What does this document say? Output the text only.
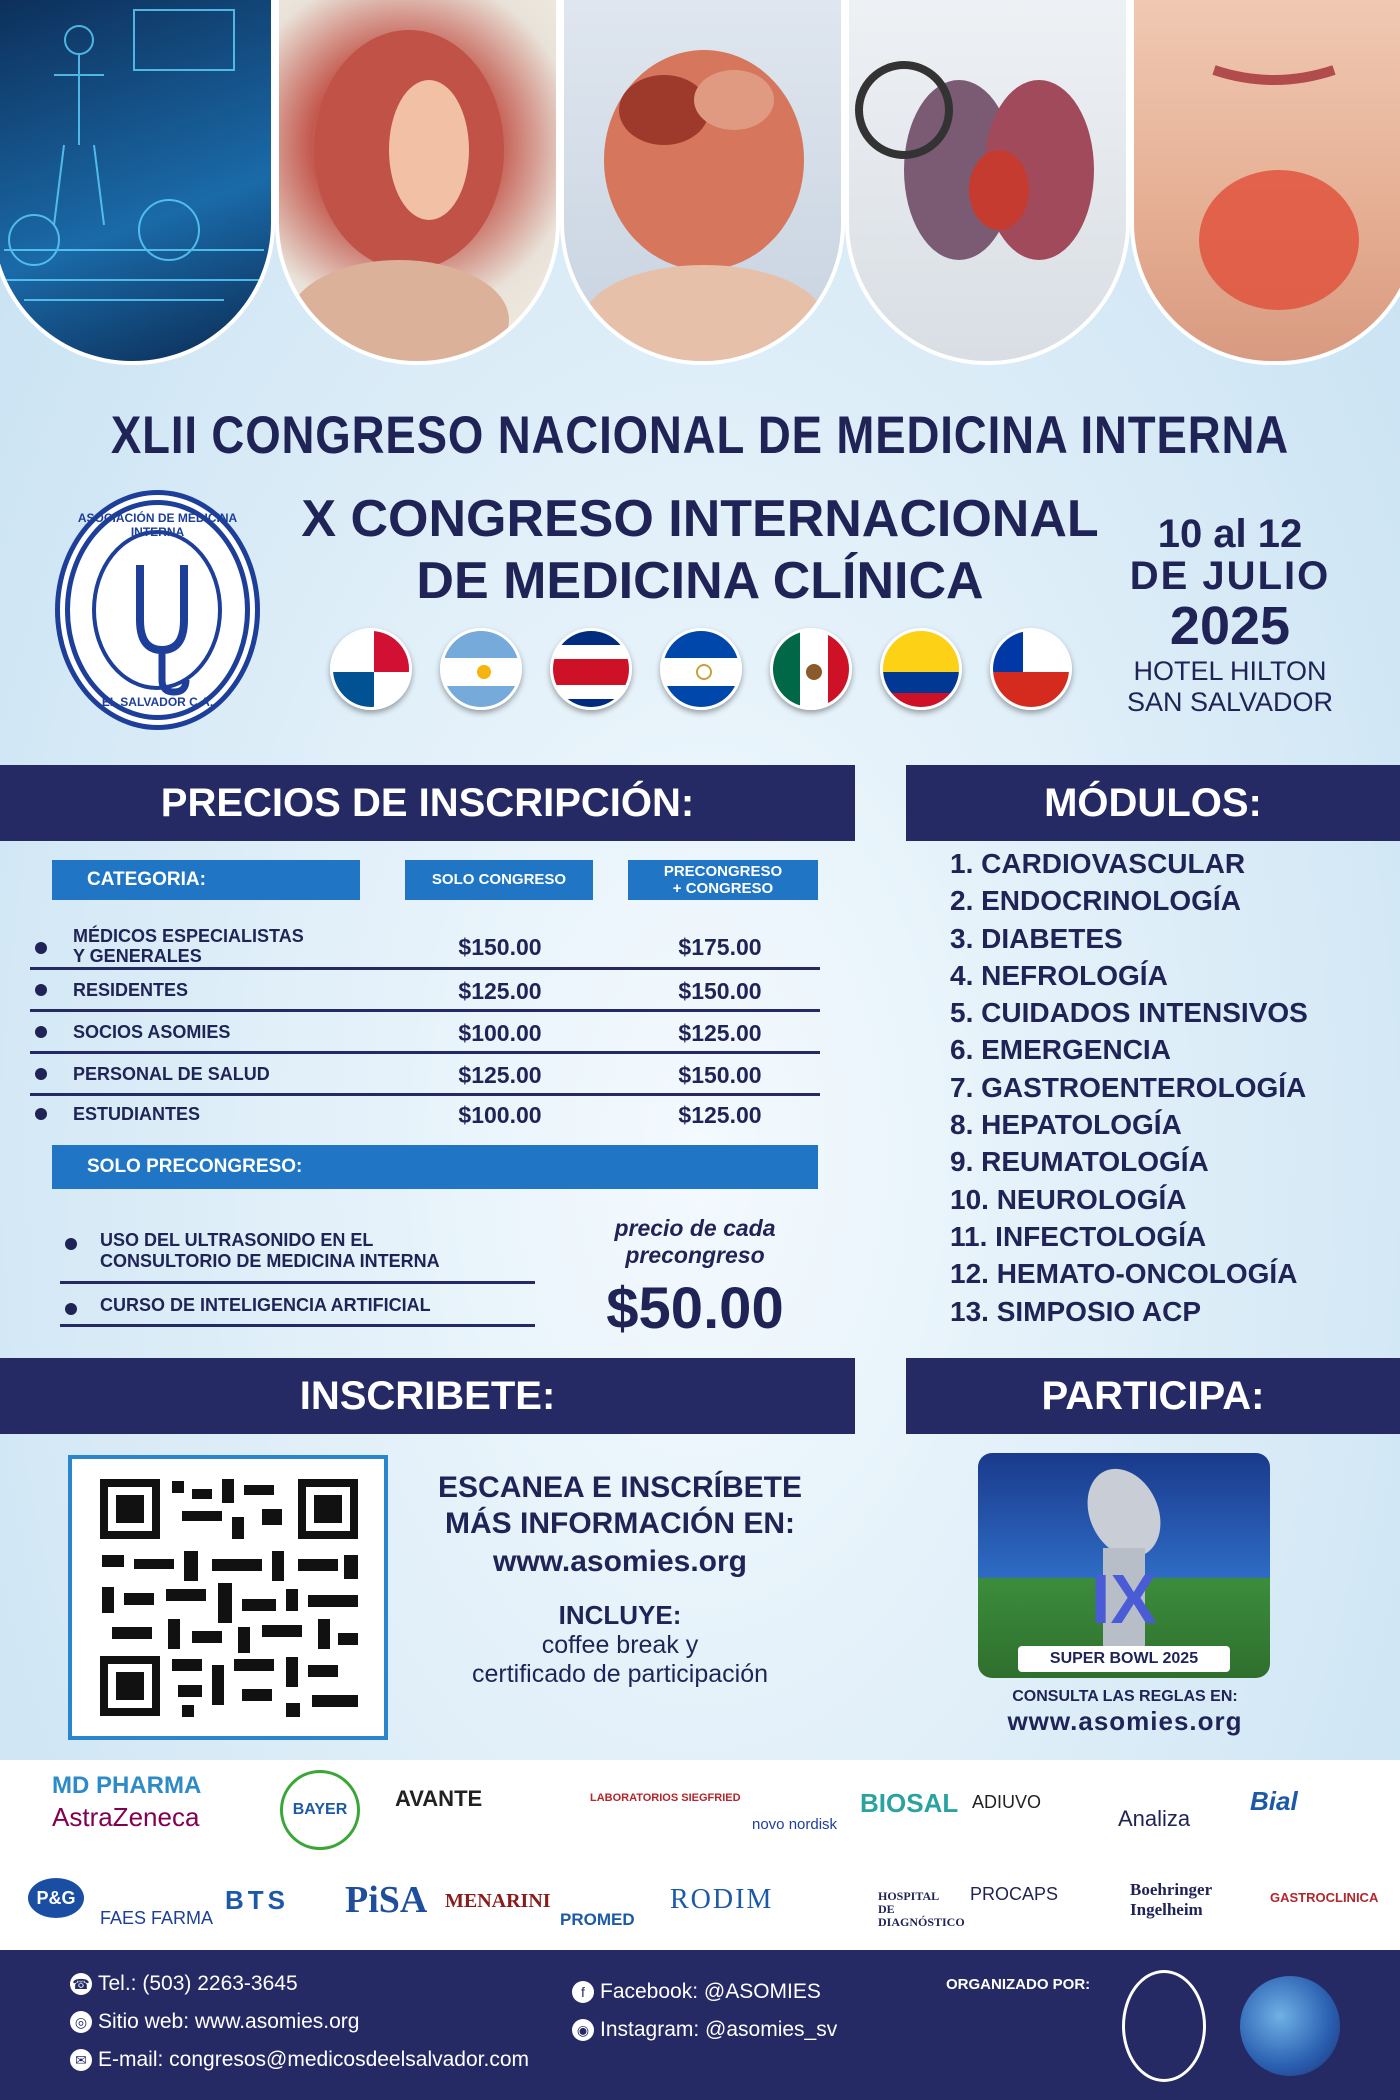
XLII CONGRESO NACIONAL DE MEDICINA INTERNA
X CONGRESO INTERNACIONAL
DE MEDICINA CLÍNICA
ASOCIACIÓN DE MEDICINA INTERNA
EL SALVADOR C.A.
10 al 12
DE JULIO
2025
HOTEL HILTON
SAN SALVADOR
PRECIOS DE INSCRIPCIÓN:
CATEGORIA:	SOLO CONGRESO	PRECONGRESO
+ CONGRESO
MÉDICOS ESPECIALISTAS
Y GENERALES	$150.00	$175.00
RESIDENTES	$125.00	$150.00
SOCIOS ASOMIES	$100.00	$125.00
PERSONAL DE SALUD	$125.00	$150.00
ESTUDIANTES	$100.00	$125.00
SOLO PRECONGRESO:
USO DEL ULTRASONIDO EN EL
CONSULTORIO DE MEDICINA INTERNA
CURSO DE INTELIGENCIA ARTIFICIAL
precio de cada
precongreso
$50.00
MÓDULOS:
1. CARDIOVASCULAR
2. ENDOCRINOLOGÍA
3. DIABETES
4. NEFROLOGÍA
5. CUIDADOS INTENSIVOS
6. EMERGENCIA
7. GASTROENTEROLOGÍA
8. HEPATOLOGÍA
9. REUMATOLOGÍA
10. NEUROLOGÍA
11. INFECTOLOGÍA
12. HEMATO-ONCOLOGÍA
13. SIMPOSIO ACP
INSCRIBETE:
ESCANEA E INSCRÍBETE
MÁS INFORMACIÓN EN:
www.asomies.org
INCLUYE:
coffee break y
certificado de participación
PARTICIPA:
IX
SUPER BOWL 2025
CONSULTA LAS REGLAS EN:
www.asomies.org
MD PHARMA
AstraZeneca	BAYER	AVANTE	LABORATORIOS SIEGFRIED
novo nordisk
BIOSAL ADIUVO
Analiza
Bial
P&G
FAES FARMA
BTS PiSA MENARINI
PROMED
RODIM	HOSPITAL DE DIAGNÓSTICO
PROCAPS	Boehringer Ingelheim
GASTROCLINICA
☎ Tel.: (503) 2263-3645
◎ Sitio web: www.asomies.org
✉ E-mail: congresos@medicosdeelsalvador.com
f Facebook: @ASOMIES
◉ Instagram: @asomies_sv
ORGANIZADO POR:
